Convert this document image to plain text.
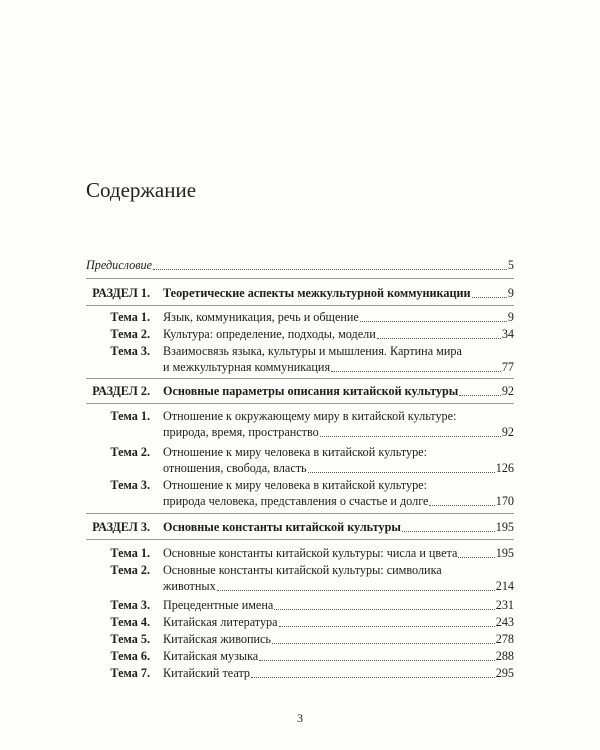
Содержание
Предисловие	5
РАЗДЕЛ 1. Теоретические аспекты межкультурной коммуникации	9
Тема 1. Язык, коммуникация, речь и общение	9
Тема 2. Культура: определение, подходы, модели	34
Тема 3. Взаимосвязь языка, культуры и мышления. Картина мира
и межкультурная коммуникация	77
РАЗДЕЛ 2. Основные параметры описания китайской культуры	92
Тема 1. Отношение к окружающему миру в китайской культуре:
природа, время, пространство	92
Тема 2. Отношение к миру человека в китайской культуре:
отношения, свобода, власть	126
Тема 3. Отношение к миру человека в китайской культуре:
природа человека, представления о счастье и долге	170
РАЗДЕЛ 3. Основные константы китайской культуры	195
Тема 1. Основные константы китайской культуры: числа и цвета	195
Тема 2. Основные константы китайской культуры: символика
животных	214
Тема 3. Прецедентные имена	231
Тема 4. Китайская литература	243
Тема 5. Китайская живопись	278
Тема 6. Китайская музыка	288
Тема 7. Китайский театр	295
3
